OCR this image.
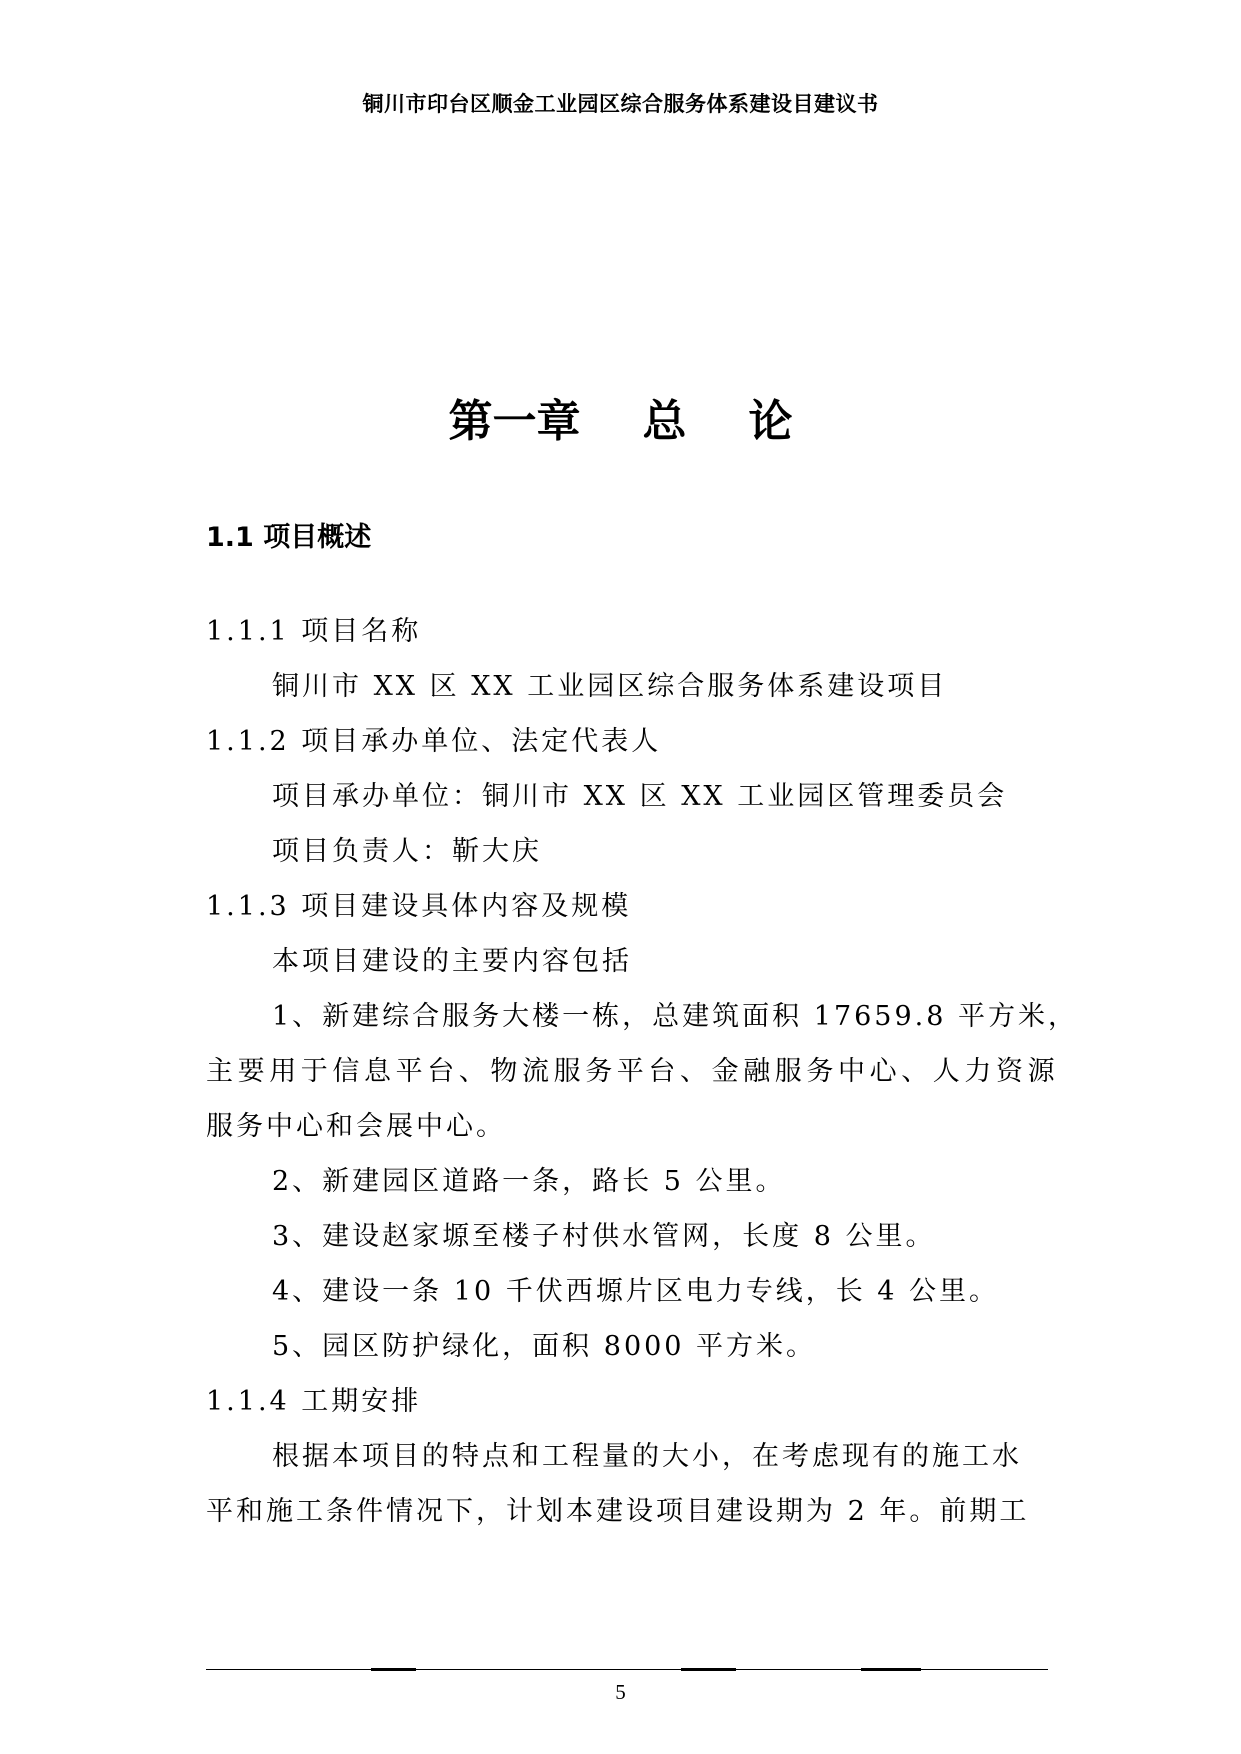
铜川市印台区顺金工业园区综合服务体系建设目建议书
第一章 总 论
1.1 项目概述

1.1.1 项目名称

铜川市 XX 区 XX 工业园区综合服务体系建设项目

1.1.2 项目承办单位、法定代表人

项目承办单位：铜川市 XX 区 XX 工业园区管理委员会

项目负责人：靳大庆

1.1.3 项目建设具体内容及规模

本项目建设的主要内容包括

1、新建综合服务大楼一栋，总建筑面积 17659.8 平方米，

主要用于信息平台、物流服务平台、金融服务中心、人力资源

服务中心和会展中心。

2、新建园区道路一条，路长 5 公里。

3、建设赵家塬至楼子村供水管网，长度 8 公里。

4、建设一条 10 千伏西塬片区电力专线，长 4 公里。

5、园区防护绿化，面积 8000 平方米。

1.1.4 工期安排

根据本项目的特点和工程量的大小，在考虑现有的施工水

平和施工条件情况下，计划本建设项目建设期为 2 年。前期工

5
